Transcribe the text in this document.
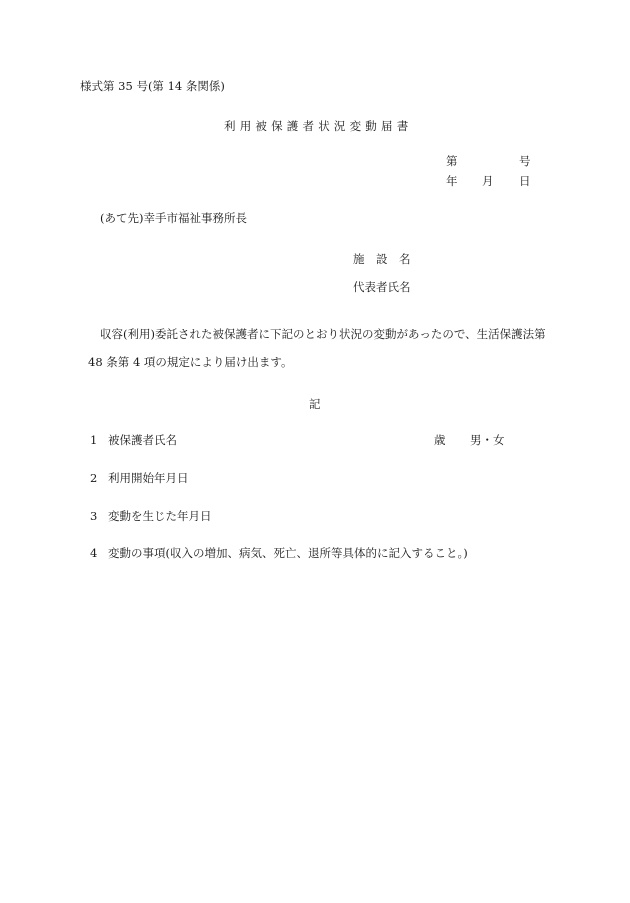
様式第 35 号(第 14 条関係)
利用被保護者状況変動届書
第	号
年 月 日
(あて先)幸手市福祉事務所長
施　設　名
代表者氏名
収容(利用)委託された被保護者に下記のとおり状況の変動があったので、生活保護法第
48 条第 4 項の規定により届け出ます。
記
1 被保護者氏名	歳 男・女
2 利用開始年月日
3 変動を生じた年月日
4 変動の事項(収入の増加、病気、死亡、退所等具体的に記入すること。)
